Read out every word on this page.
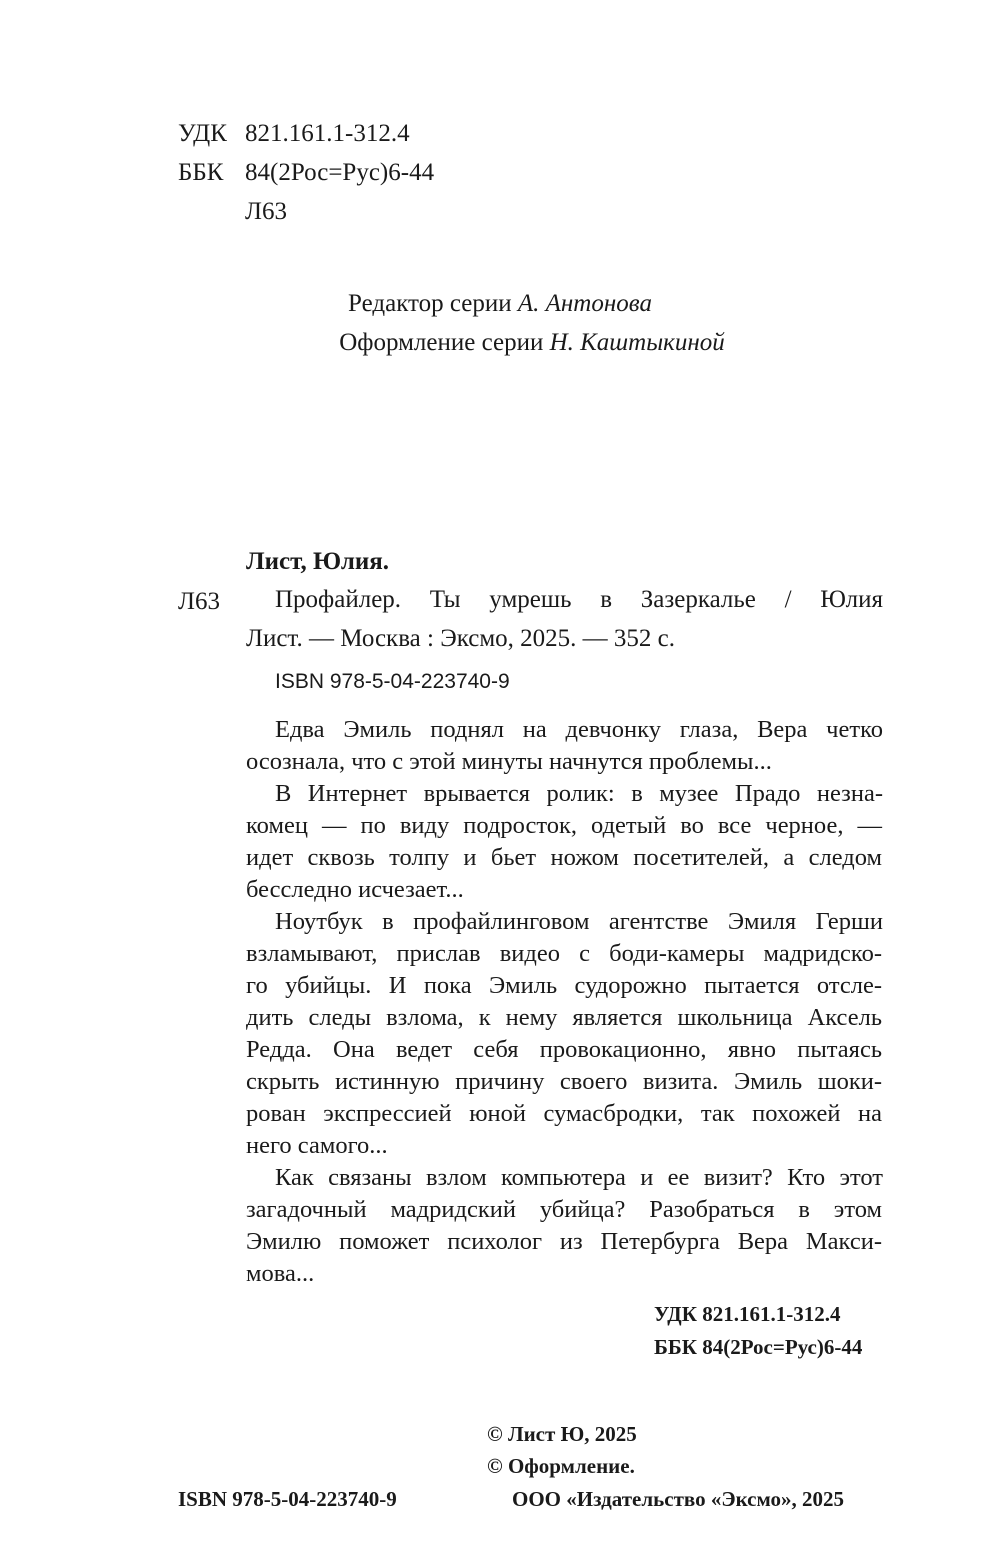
УДК 821.161.1-312.4
ББК 84(2Рос=Рус)6-44
Л63
Редактор серии А. Антонова
Оформление серии Н. Каштыкиной
Лист, Юлия.
Л63 Профайлер. Ты умрешь в Зазеркалье / Юлия
Лист. — Москва : Эксмо, 2025. — 352 с.
ISBN 978-5-04-223740-9
Едва Эмиль поднял на девчонку глаза, Вера четко
осознала, что с этой минуты начнутся проблемы...
В Интернет врывается ролик: в музее Прадо незна-
комец — по виду подросток, одетый во все черное, —
идет сквозь толпу и бьет ножом посетителей, а следом
бесследно исчезает...
Ноутбук в профайлинговом агентстве Эмиля Герши
взламывают, прислав видео с боди-камеры мадридско-
го убийцы. И пока Эмиль судорожно пытается отсле-
дить следы взлома, к нему является школьница Аксель
Редда. Она ведет себя провокационно, явно пытаясь
скрыть истинную причину своего визита. Эмиль шоки-
рован экспрессией юной сумасбродки, так похожей на
него самого...
Как связаны взлом компьютера и ее визит? Кто этот
загадочный мадридский убийца? Разобраться в этом
Эмилю поможет психолог из Петербурга Вера Макси-
мова...
УДК 821.161.1-312.4
ББК 84(2Рос=Рус)6-44
© Лист Ю, 2025
© Оформление.
ООО «Издательство «Эксмо», 2025
ISBN 978-5-04-223740-9
